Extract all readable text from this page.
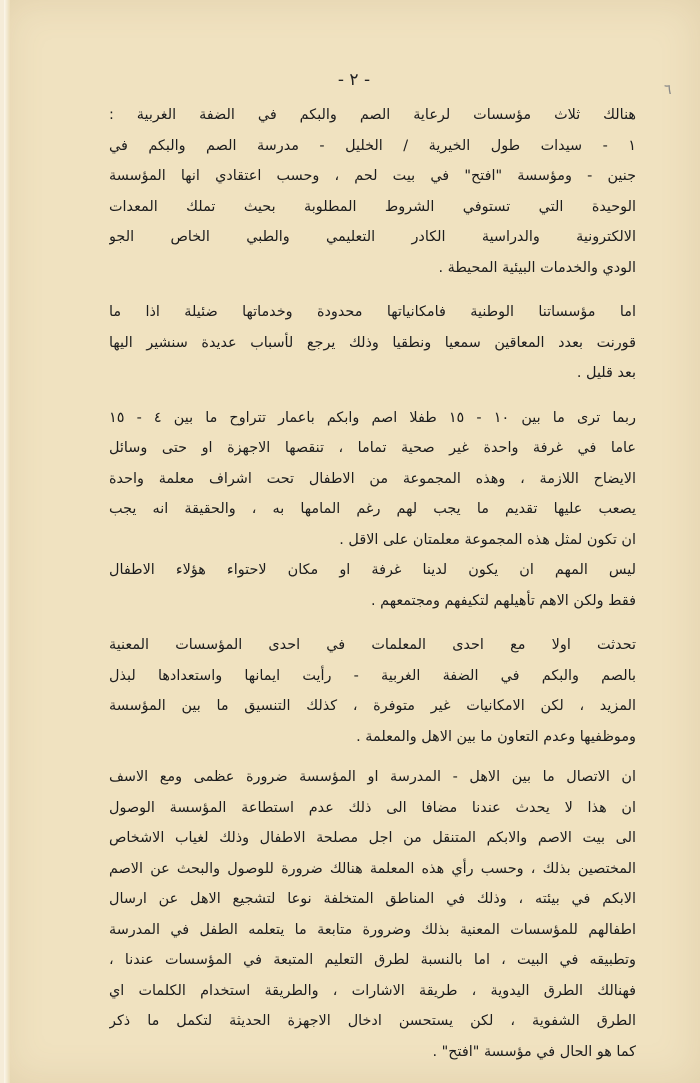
- ٢ -	٦
هنالك ثلاث مؤسسات لرعاية الصم والبكم في الضفة الغربية :
١ - سيدات طول الخيرية / الخليل - مدرسة الصم والبكم في
جنين - ومؤسسة "افتح" في بيت لحم ، وحسب اعتقادي انها المؤسسة
الوحيدة التي تستوفي الشروط المطلوبة بحيث تملك المعدات
الالكترونية والدراسية الكادر التعليمي والطبي الخاص الجو
الودي والخدمات البيئية المحيطة .
اما مؤسساتنا الوطنية فامكانياتها محدودة وخدماتها ضئيلة اذا ما
قورنت بعدد المعاقين سمعيا ونطقيا وذلك يرجع لأسباب عديدة سنشير اليها
بعد قليل .
ربما ترى ما بين ١٠ - ١٥ طفلا اصم وابكم باعمار تتراوح ما بين ٤ - ١٥
عاما في غرفة واحدة غير صحية تماما ، تنقصها الاجهزة او حتى وسائل
الايضاح اللازمة ، وهذه المجموعة من الاطفال تحت اشراف معلمة واحدة
يصعب عليها تقديم ما يجب لهم رغم المامها به ، والحقيقة انه يجب
ان تكون لمثل هذه المجموعة معلمتان على الاقل .
ليس المهم ان يكون لدينا غرفة او مكان لاحتواء هؤلاء الاطفال
فقط ولكن الاهم تأهيلهم لتكيفهم ومجتمعهم .
تحدثت اولا مع احدى المعلمات في احدى المؤسسات المعنية
بالصم والبكم في الضفة الغربية - رأيت ايمانها واستعدادها لبذل
المزيد ، لكن الامكانيات غير متوفرة ، كذلك التنسيق ما بين المؤسسة
وموظفيها وعدم التعاون ما بين الاهل والمعلمة .
ان الاتصال ما بين الاهل - المدرسة او المؤسسة ضرورة عظمى ومع الاسف
ان هذا لا يحدث عندنا مضافا الى ذلك عدم استطاعة المؤسسة الوصول
الى بيت الاصم والابكم المتنقل من اجل مصلحة الاطفال وذلك لغياب الاشخاص
المختصين بذلك ، وحسب رأي هذه المعلمة هنالك ضرورة للوصول والبحث عن الاصم
الابكم في بيئته ، وذلك في المناطق المتخلفة نوعا لتشجيع الاهل عن ارسال
اطفالهم للمؤسسات المعنية بذلك وضرورة متابعة ما يتعلمه الطفل في المدرسة
وتطبيقه في البيت ، اما بالنسبة لطرق التعليم المتبعة في المؤسسات عندنا ،
فهنالك الطرق اليدوية ، طريقة الاشارات ، والطريقة استخدام الكلمات اي
الطرق الشفوية ، لكن يستحسن ادخال الاجهزة الحديثة لتكمل ما ذكر
كما هو الحال في مؤسسة "افتح" .
